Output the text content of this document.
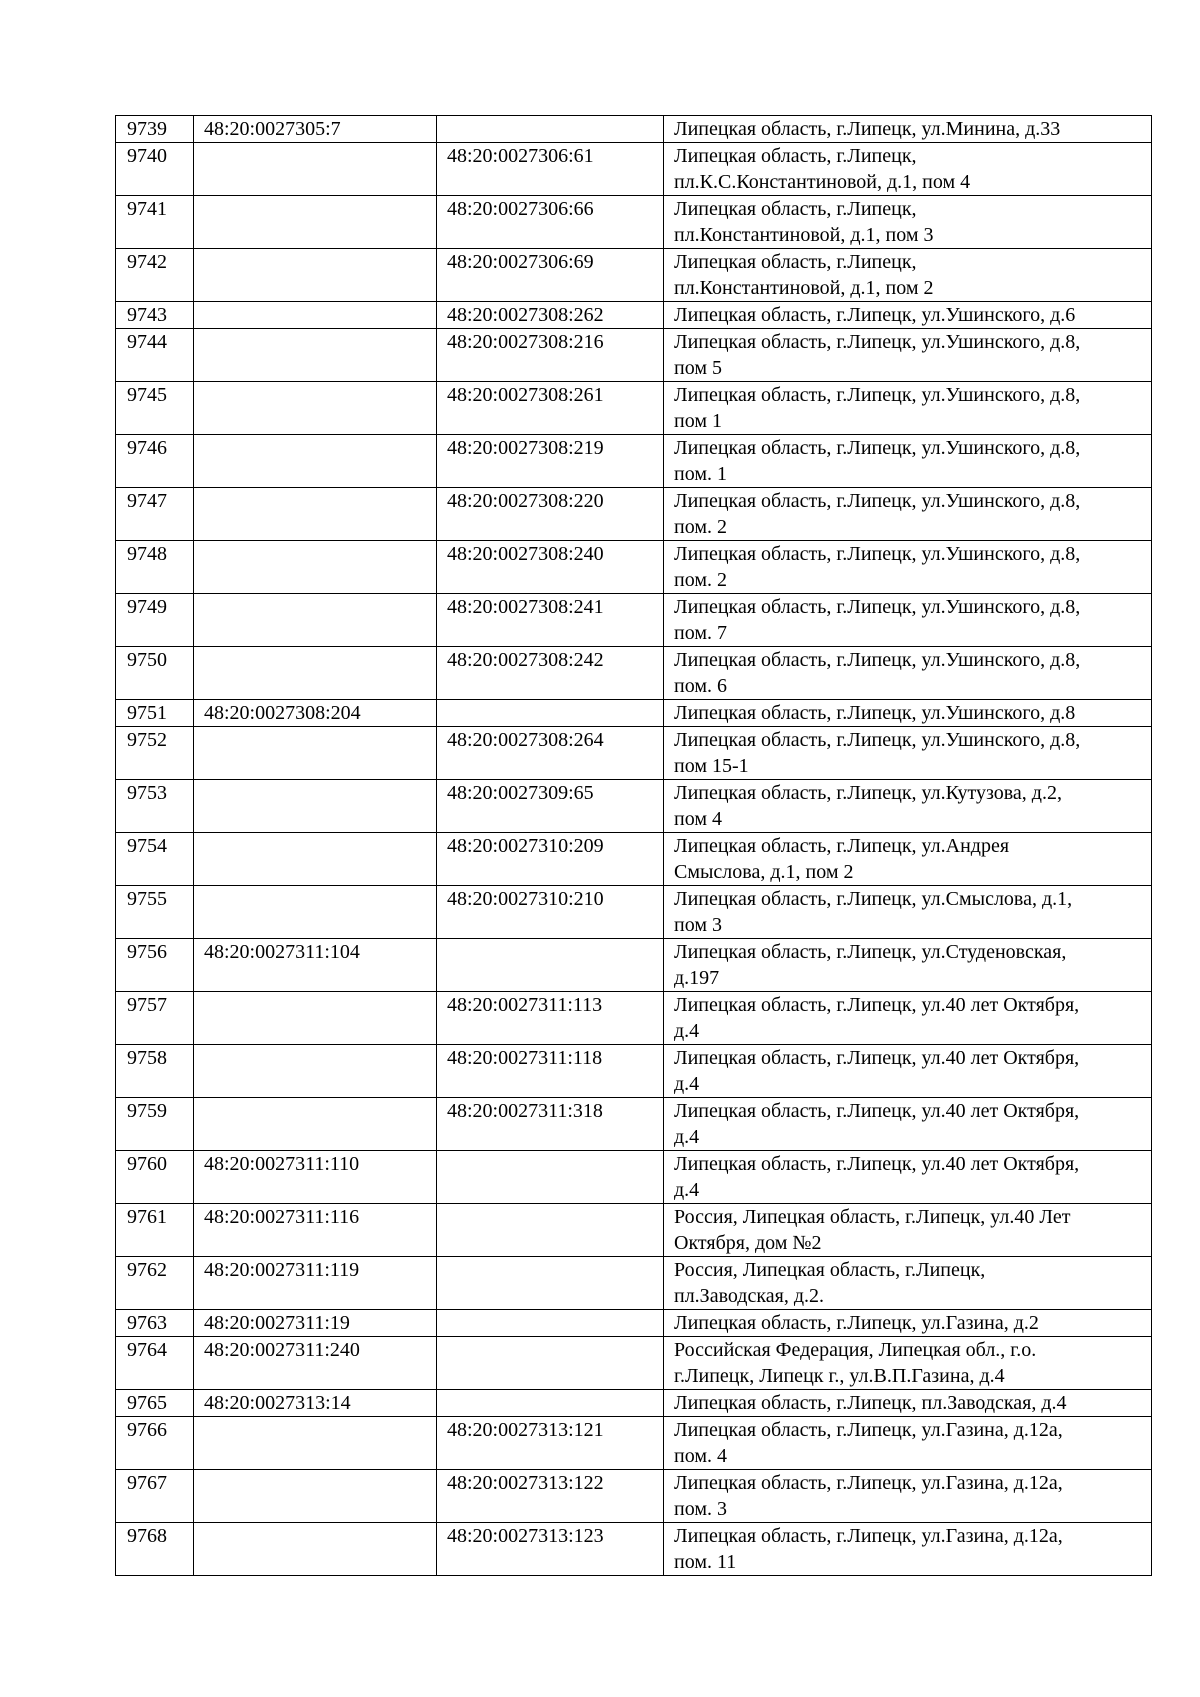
9739	48:20:0027305:7		Липецкая область, г.Липецк, ул.Минина, д.33
9740		48:20:0027306:61	Липецкая область, г.Липецк,
пл.К.С.Константиновой, д.1, пом 4
9741		48:20:0027306:66	Липецкая область, г.Липецк,
пл.Константиновой, д.1, пом 3
9742		48:20:0027306:69	Липецкая область, г.Липецк,
пл.Константиновой, д.1, пом 2
9743		48:20:0027308:262	Липецкая область, г.Липецк, ул.Ушинского, д.6
9744		48:20:0027308:216	Липецкая область, г.Липецк, ул.Ушинского, д.8,
пом 5
9745		48:20:0027308:261	Липецкая область, г.Липецк, ул.Ушинского, д.8,
пом 1
9746		48:20:0027308:219	Липецкая область, г.Липецк, ул.Ушинского, д.8,
пом. 1
9747		48:20:0027308:220	Липецкая область, г.Липецк, ул.Ушинского, д.8,
пом. 2
9748		48:20:0027308:240	Липецкая область, г.Липецк, ул.Ушинского, д.8,
пом. 2
9749		48:20:0027308:241	Липецкая область, г.Липецк, ул.Ушинского, д.8,
пом. 7
9750		48:20:0027308:242	Липецкая область, г.Липецк, ул.Ушинского, д.8,
пом. 6
9751	48:20:0027308:204		Липецкая область, г.Липецк, ул.Ушинского, д.8
9752		48:20:0027308:264	Липецкая область, г.Липецк, ул.Ушинского, д.8,
пом 15-1
9753		48:20:0027309:65	Липецкая область, г.Липецк, ул.Кутузова, д.2,
пом 4
9754		48:20:0027310:209	Липецкая область, г.Липецк, ул.Андрея
Смыслова, д.1, пом 2
9755		48:20:0027310:210	Липецкая область, г.Липецк, ул.Смыслова, д.1,
пом 3
9756	48:20:0027311:104		Липецкая область, г.Липецк, ул.Студеновская,
д.197
9757		48:20:0027311:113	Липецкая область, г.Липецк, ул.40 лет Октября,
д.4
9758		48:20:0027311:118	Липецкая область, г.Липецк, ул.40 лет Октября,
д.4
9759		48:20:0027311:318	Липецкая область, г.Липецк, ул.40 лет Октября,
д.4
9760	48:20:0027311:110		Липецкая область, г.Липецк, ул.40 лет Октября,
д.4
9761	48:20:0027311:116		Россия, Липецкая область, г.Липецк, ул.40 Лет
Октября, дом №2
9762	48:20:0027311:119		Россия, Липецкая область, г.Липецк,
пл.Заводская, д.2.
9763	48:20:0027311:19		Липецкая область, г.Липецк, ул.Газина, д.2
9764	48:20:0027311:240		Российская Федерация, Липецкая обл., г.о.
г.Липецк, Липецк г., ул.В.П.Газина, д.4
9765	48:20:0027313:14		Липецкая область, г.Липецк, пл.Заводская, д.4
9766		48:20:0027313:121	Липецкая область, г.Липецк, ул.Газина, д.12а,
пом. 4
9767		48:20:0027313:122	Липецкая область, г.Липецк, ул.Газина, д.12а,
пом. 3
9768		48:20:0027313:123	Липецкая область, г.Липецк, ул.Газина, д.12а,
пом. 11
